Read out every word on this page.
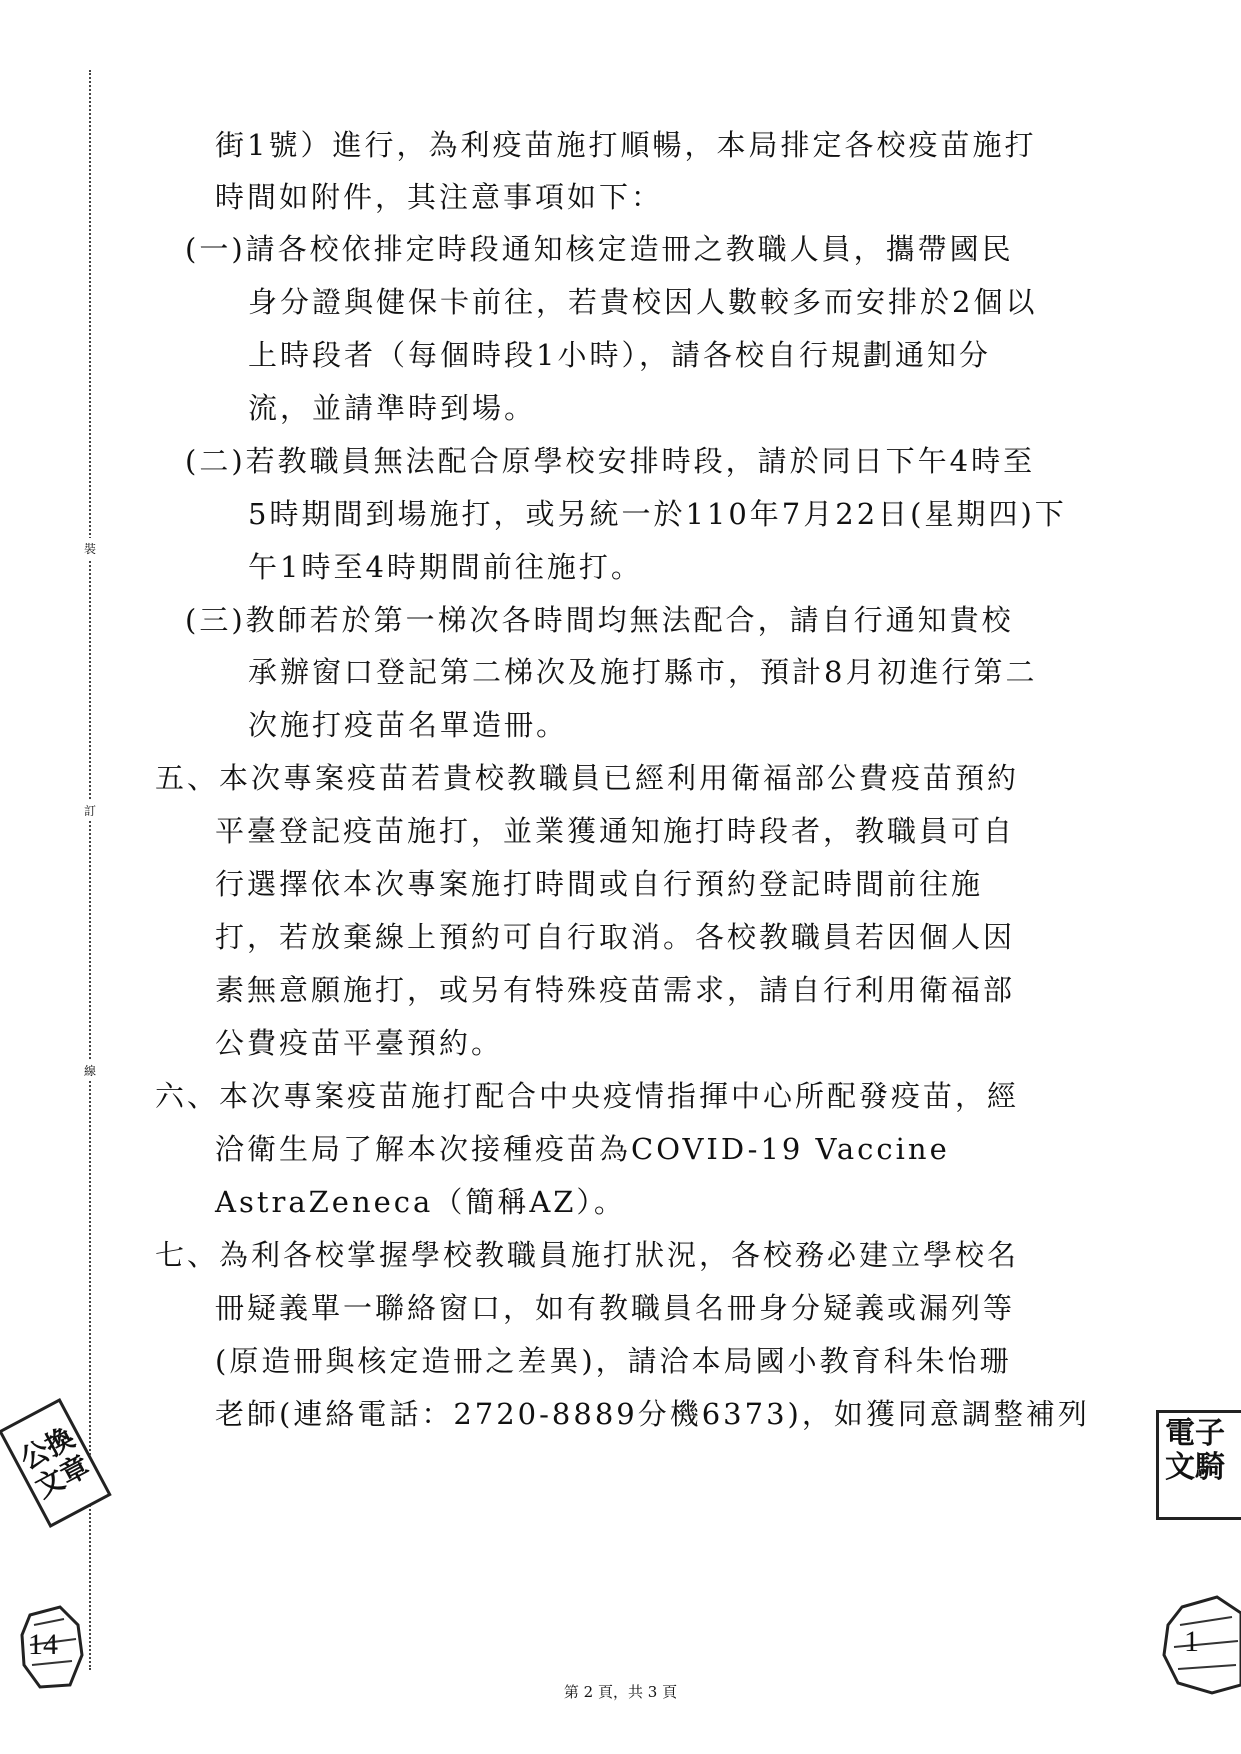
裝
訂
線
街1號）進行，為利疫苗施打順暢，本局排定各校疫苗施打
時間如附件，其注意事項如下：
(一)請各校依排定時段通知核定造冊之教職人員，攜帶國民
身分證與健保卡前往，若貴校因人數較多而安排於2個以
上時段者（每個時段1小時），請各校自行規劃通知分
流，並請準時到場。
(二)若教職員無法配合原學校安排時段，請於同日下午4時至
5時期間到場施打，或另統一於110年7月22日(星期四)下
午1時至4時期間前往施打。
(三)教師若於第一梯次各時間均無法配合，請自行通知貴校
承辦窗口登記第二梯次及施打縣市，預計8月初進行第二
次施打疫苗名單造冊。
五、本次專案疫苗若貴校教職員已經利用衛福部公費疫苗預約
平臺登記疫苗施打，並業獲通知施打時段者，教職員可自
行選擇依本次專案施打時間或自行預約登記時間前往施
打，若放棄線上預約可自行取消。各校教職員若因個人因
素無意願施打，或另有特殊疫苗需求，請自行利用衛福部
公費疫苗平臺預約。
六、本次專案疫苗施打配合中央疫情指揮中心所配發疫苗，經
洽衛生局了解本次接種疫苗為COVID-19 Vaccine
AstraZeneca（簡稱AZ）。
七、為利各校掌握學校教職員施打狀況，各校務必建立學校名
冊疑義單一聯絡窗口，如有教職員名冊身分疑義或漏列等
(原造冊與核定造冊之差異)，請洽本局國小教育科朱怡珊
老師(連絡電話：2720-8889分機6373)，如獲同意調整補列
公換文章
電子文騎
14	1
第 2 頁，共 3 頁
